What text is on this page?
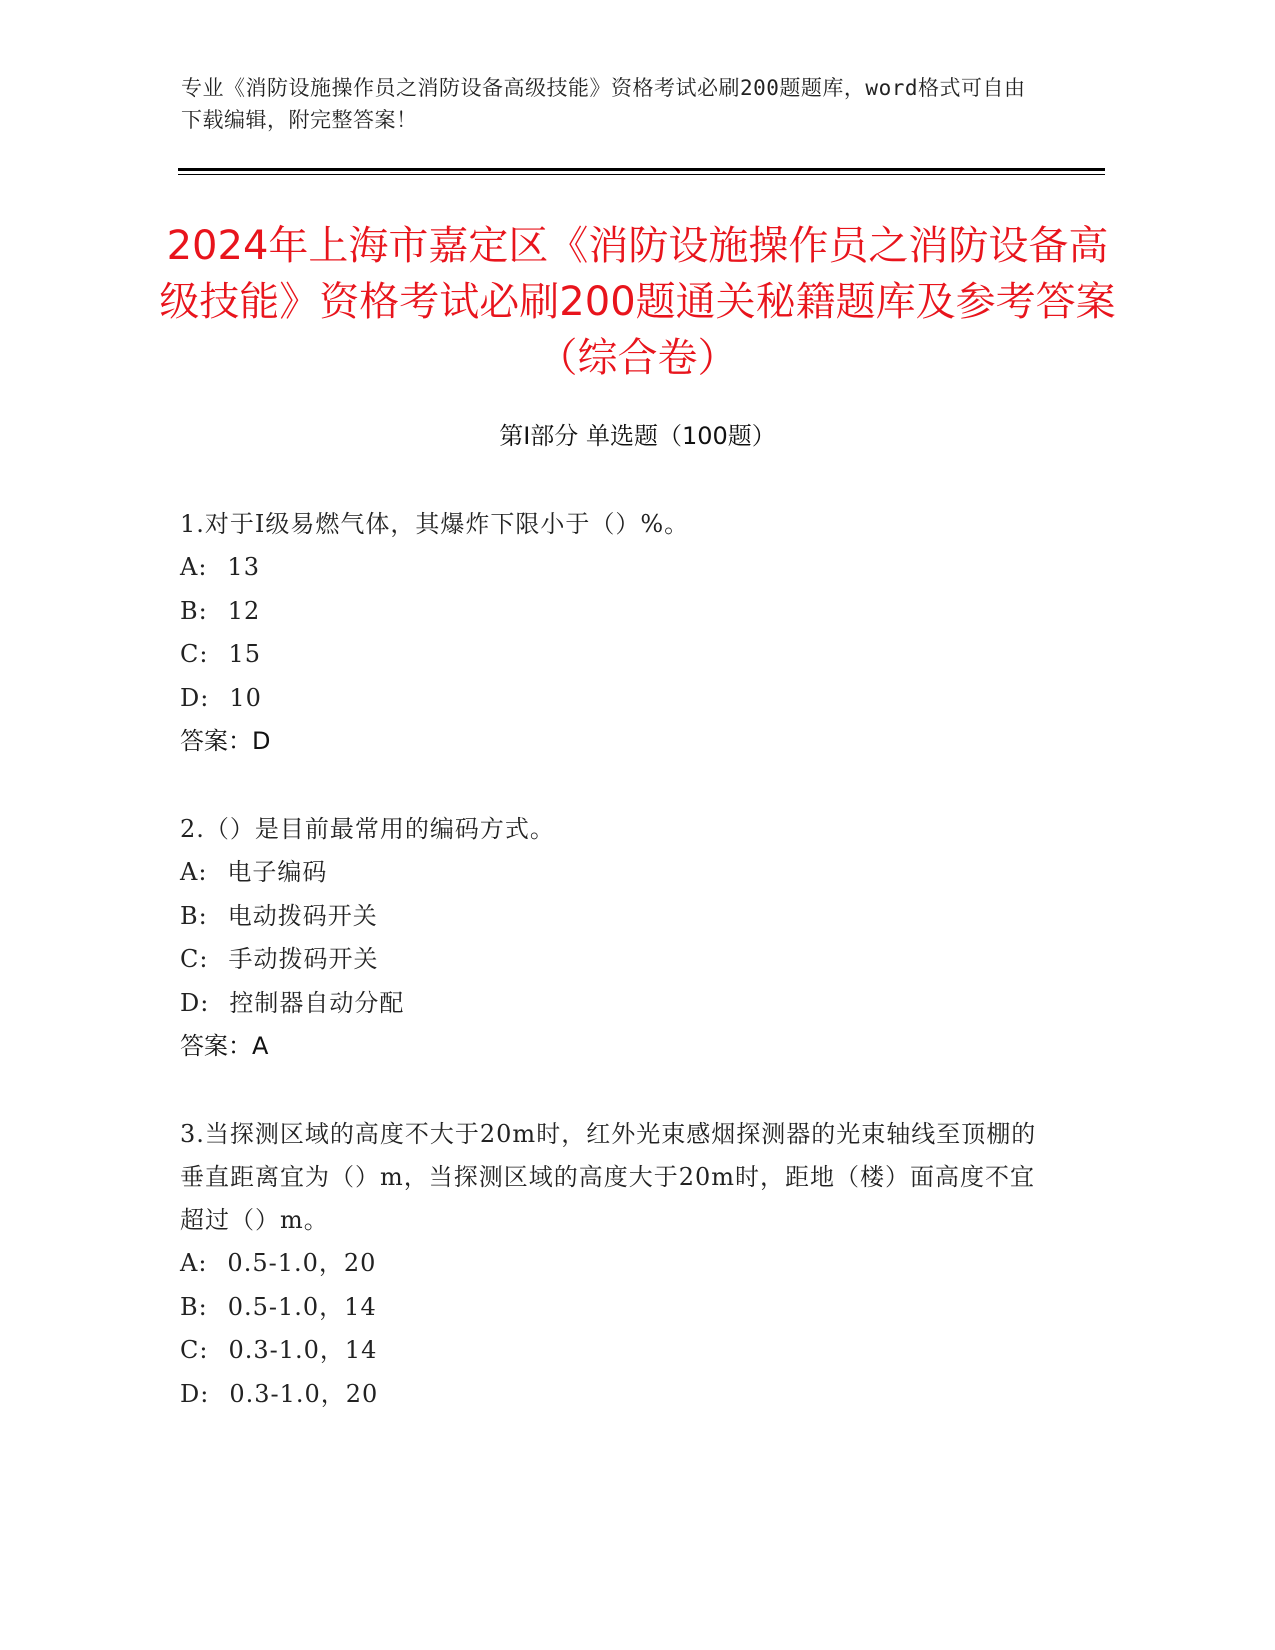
专业《消防设施操作员之消防设备高级技能》资格考试必刷200题题库，word格式可自由下载编辑，附完整答案！
2024年上海市嘉定区《消防设施操作员之消防设备高级技能》资格考试必刷200题通关秘籍题库及参考答案（综合卷）
第I部分 单选题（100题）

1.对于Ⅰ级易燃气体，其爆炸下限小于（）%。

A: 13
B: 12
C: 15
D: 10
答案：D

2.（）是目前最常用的编码方式。

A: 电子编码
B: 电动拨码开关
C: 手动拨码开关
D: 控制器自动分配
答案：A

3.当探测区域的高度不大于20m时，红外光束感烟探测器的光束轴线至顶棚的垂直距离宜为（）m，当探测区域的高度大于20m时，距地（楼）面高度不宜超过（）m。

A: 0.5-1.0，20
B: 0.5-1.0，14
C: 0.3-1.0，14
D: 0.3-1.0，20
